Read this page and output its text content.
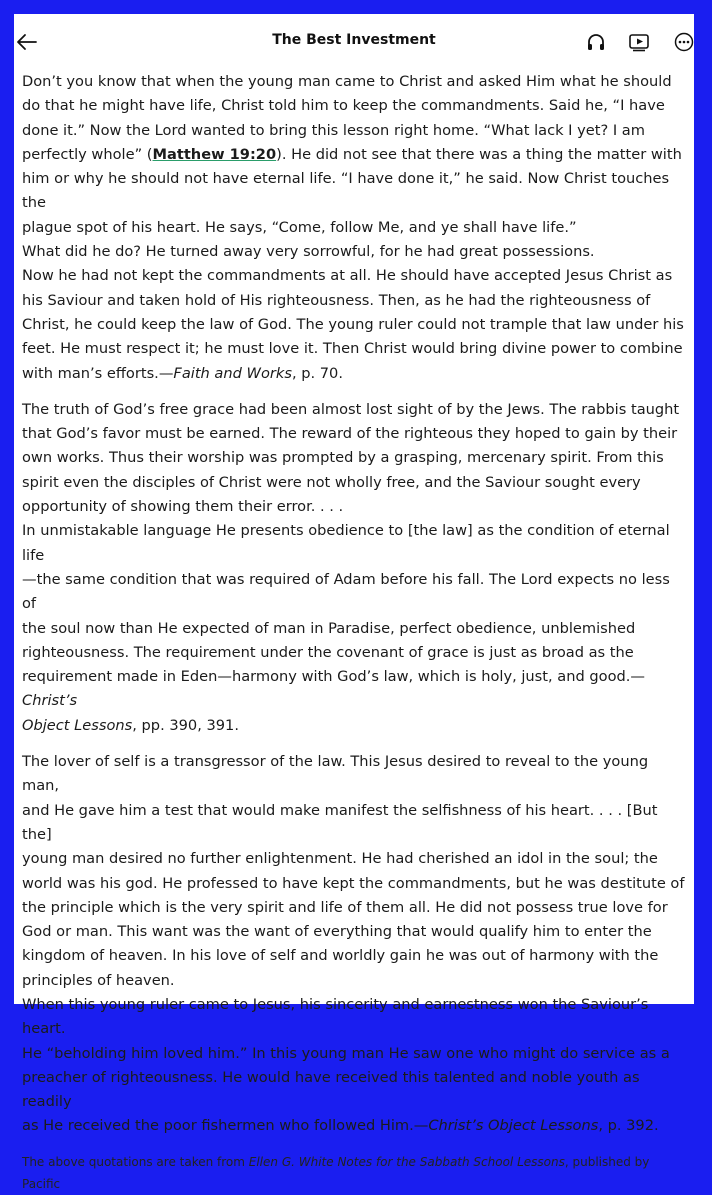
The Best Investment
Don’t you know that when the young man came to Christ and asked Him what he should
do that he might have life, Christ told him to keep the commandments. Said he, “I have
done it.” Now the Lord wanted to bring this lesson right home. “What lack I yet? I am
perfectly whole” (Matthew 19:20). He did not see that there was a thing the matter with
him or why he should not have eternal life. “I have done it,” he said. Now Christ touches the
plague spot of his heart. He says, “Come, follow Me, and ye shall have life.”
What did he do? He turned away very sorrowful, for he had great possessions.
Now he had not kept the commandments at all. He should have accepted Jesus Christ as
his Saviour and taken hold of His righteousness. Then, as he had the righteousness of
Christ, he could keep the law of God. The young ruler could not trample that law under his
feet. He must respect it; he must love it. Then Christ would bring divine power to combine
with man’s efforts.—Faith and Works, p. 70.
The truth of God’s free grace had been almost lost sight of by the Jews. The rabbis taught
that God’s favor must be earned. The reward of the righteous they hoped to gain by their
own works. Thus their worship was prompted by a grasping, mercenary spirit. From this
spirit even the disciples of Christ were not wholly free, and the Saviour sought every
opportunity of showing them their error. . . .
In unmistakable language He presents obedience to [the law] as the condition of eternal life
—the same condition that was required of Adam before his fall. The Lord expects no less of
the soul now than He expected of man in Paradise, perfect obedience, unblemished
righteousness. The requirement under the covenant of grace is just as broad as the
requirement made in Eden—harmony with God’s law, which is holy, just, and good.—Christ’s
Object Lessons, pp. 390, 391.
The lover of self is a transgressor of the law. This Jesus desired to reveal to the young man,
and He gave him a test that would make manifest the selfishness of his heart. . . . [But the]
young man desired no further enlightenment. He had cherished an idol in the soul; the
world was his god. He professed to have kept the commandments, but he was destitute of
the principle which is the very spirit and life of them all. He did not possess true love for
God or man. This want was the want of everything that would qualify him to enter the
kingdom of heaven. In his love of self and worldly gain he was out of harmony with the
principles of heaven.
When this young ruler came to Jesus, his sincerity and earnestness won the Saviour’s heart.
He “beholding him loved him.” In this young man He saw one who might do service as a
preacher of righteousness. He would have received this talented and noble youth as readily
as He received the poor fishermen who followed Him.—Christ’s Object Lessons, p. 392.
The above quotations are taken from Ellen G. White Notes for the Sabbath School Lessons, published by Pacific
